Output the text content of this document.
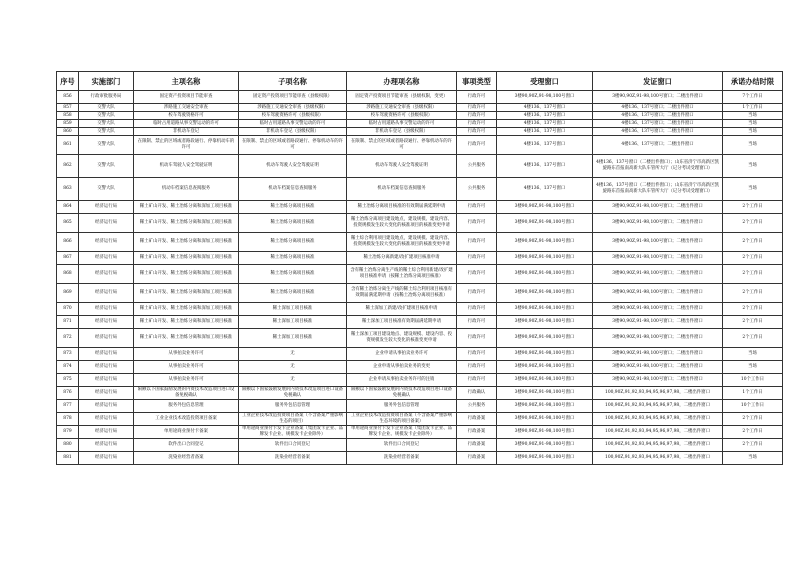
序号	实施部门	主项名称	子项名称	办理项名称	事项类型	受理窗口	发证窗口	承诺办结时限
856	行政审批服务局	固定资产投资项目节能审查	固定资产投资项目节能审查（县级权限）	固定资产投资项目节能审查（县级权限，变更）	行政许可	3楼90,90Z,91-98,100号窗口	3楼90,90Z,91-98,100号窗口；二楼出件窗口	7个工作日
857	交警大队	涉路施工交通安全审查	涉路施工交通安全审查（县级权限）	涉路施工交通安全审查（县级权限）	行政许可	4楼136、137号窗口	4楼136、137号窗口；二楼出件窗口	1个工作日
858	交警大队	校车驾驶资格许可	校车驾驶资格许可（县级权限）	校车驾驶资格许可（县级权限）	行政许可	4楼136、137号窗口	4楼136、137号窗口；二楼出件窗口	当场
859	交警大队	临时占用道路从事交警运动的许可	临时占用道路从事交警运动的许可	临时占用道路从事交警运动的许可	行政许可	4楼136、137号窗口	4楼136、137号窗口；二楼出件窗口	当场
860	交警大队	非机动车登记	非机动车登记（县级权限）	非机动车登记（县级权限）	行政许可	4楼136、137号窗口	4楼136、137号窗口；二楼出件窗口	当场
861	交警大队	在限制、禁止的区域或者路段通行、停靠机动车的许可	在限制、禁止的区域或者路段通行、停靠机动车的许可	在限制、禁止的区域或者路段通行、停靠机动车的许可	行政许可	4楼136、137号窗口	4楼136、137号窗口；二楼出件窗口	当场
862	交警大队	机动车驾驶人安全驾驶证明	机动车驾驶人安全驾驶证明	机动车驾驶人安全驾驶证明	公共服务	4楼136、137号窗口	4楼136、137号窗口（二楼出件窗口）；山东省济宁市高新区凯旋路东首报南高新大队车管所大厅（记分考试受理窗口）	当场
863	交警大队	机动车档案信息查阅服务	机动车档案信息查阅服务	机动车档案信息查阅服务	公共服务	4楼136、137号窗口	4楼136、137号窗口（二楼出件窗口）；山东省济宁市高新区凯旋路东首报南高新大队车管所大厅（记分考试受理窗口）	当场
864	经济运行局	稀土矿山开发、稀土冶炼分离和深加工项目核准	稀土冶炼分离项目核准	稀土冶炼分离项目核准的有效期届满延期申请	行政许可	3楼90,90Z,91-98,100号窗口	3楼90,90Z,91-98,100号窗口；二楼出件窗口	2个工作日
865	经济运行局	稀土矿山开发、稀土冶炼分离和深加工项目核准	稀土冶炼分离项目核准	稀土冶炼分离项目建设地点，建设规模、建设内容、投资规模发生较大变化的核准项目的核准变更申请	行政许可	3楼90,90Z,91-98,100号窗口	3楼90,90Z,91-98,100号窗口；二楼出件窗口	2个工作日
866	经济运行局	稀土矿山开发、稀土冶炼分离和深加工项目核准	稀土冶炼分离项目核准	稀土综合利用项目建设地点，建设规模、建设内容、投资规模发生较大变化的核准项目的核准变更申请	行政许可	3楼90,90Z,91-98,100号窗口	3楼90,90Z,91-98,100号窗口；二楼出件窗口	2个工作日
867	经济运行局	稀土矿山开发、稀土冶炼分离和深加工项目核准	稀土冶炼分离项目核准	稀土冶炼分离新建/改扩建项目核准申请	行政许可	3楼90,90Z,91-98,100号窗口	3楼90,90Z,91-98,100号窗口；二楼出件窗口	2个工作日
868	经济运行局	稀土矿山开发、稀土冶炼分离和深加工项目核准	稀土冶炼分离项目核准	含有稀土冶炼分离生产线的稀土综合利用新建/改扩建项目核准申请（按稀土冶炼分离项目核准）	行政许可	3楼90,90Z,91-98,100号窗口	3楼90,90Z,91-98,100号窗口；二楼出件窗口	2个工作日
869	经济运行局	稀土矿山开发、稀土冶炼分离和深加工项目核准	稀土冶炼分离项目核准	含有稀土冶炼分离生产线的稀土综合利用项目核准有效期届满延期申请（按稀土冶炼分离项目核准）	行政许可	3楼90,90Z,91-98,100号窗口	3楼90,90Z,91-98,100号窗口；二楼出件窗口	2个工作日
870	经济运行局	稀土矿山开发、稀土冶炼分离和深加工项目核准	稀土深加工项目核准	稀土深加工新建/改扩建项目核准申请	行政许可	3楼90,90Z,91-98,100号窗口	3楼90,90Z,91-98,100号窗口；二楼出件窗口	2个工作日
871	经济运行局	稀土矿山开发、稀土冶炼分离和深加工项目核准	稀土深加工项目核准	稀土深加工项目核准有效期届满延期申请	行政许可	3楼90,90Z,91-98,100号窗口	3楼90,90Z,91-98,100号窗口；二楼出件窗口	2个工作日
872	经济运行局	稀土矿山开发、稀土冶炼分离和深加工项目核准	稀土深加工项目核准	稀土深加工项目建设地点、建设规模、建设内容、投资规模发生较大变化的核准变更申请	行政许可	3楼90,90Z,91-98,100号窗口	3楼90,90Z,91-98,100号窗口；二楼出件窗口	2个工作日
873	经济运行局	从事拍卖业务许可	无	企业申请从事拍卖业务许可	行政许可	3楼90,90Z,91-98,100号窗口	3楼90,90Z,91-98,100号窗口；二楼出件窗口	当场
874	经济运行局	从事拍卖业务许可	无	企业申请从事拍卖业务的变更	行政许可	3楼90,90Z,91-98,100号窗口	3楼90,90Z,91-98,100号窗口；二楼出件窗口	当场
875	经济运行局	从事拍卖业务许可	无	企业申请从事拍卖业务许可的注销	行政许可	3楼90,90Z,91-98,100号窗口	3楼90,90Z,91-98,100号窗口；二楼出件窗口	10个工作日
876	经济运行局	限额以下国家鼓励发展的内资技术改造项目进口设备免税确认	限额以下国家鼓励发展的内资技术改造项目进口设备免税确认	限额以下国家鼓励发展的内资技术改造项目进口设备免税确认	行政确认	3楼90,90Z,91-98,100号窗口	100,90Z,91,92,93,94,95,96,97,98，二楼出件窗口	1个工作日
877	经济运行局	服务外包信息管理	服务外包信息管理	服务外包信息管理	公共服务	3楼90,90Z,91-98,100号窗口	100,90Z,91,92,93,94,95,96,97,98，二楼出件窗口	10个工作日
878	经济运行局	工业企业技术改造投资项目备案	工业企业技术改造投资项目备案（不含备案严重影响生态的项目）	工业企业技术改造投资项目备案（不含备案严重影响生态环境的项目备案）	行政备案	3楼90,90Z,91-98,100号窗口	100,90Z,91,92,93,94,95,96,97,98，二楼出件窗口	2个工作日
879	经济运行局	单用途商业预付卡备案	单用途商业预付卡发卡企业备案（集团发卡企业、品牌发卡企业、规模发卡企业除外）	单用途商业预付卡发卡企业备案（集团发卡企业、品牌发卡企业、规模发卡企业除外）	行政备案	3楼90,90Z,91-98,100号窗口	100,90Z,91,92,93,94,95,96,97,98，二楼出件窗口	2个工作日
880	经济运行局	软件出口合同登记	软件出口合同登记	软件出口合同登记	行政备案	3楼90,90Z,91-98,100号窗口	100,90Z,91,92,93,94,95,96,97,98，二楼出件窗口	2个工作日
881	经济运行局	洗染业经营者备案	洗染业经营者备案	洗染业经营者备案	行政备案	3楼90,90Z,91-98,100号窗口	100,90Z,91,92,93,94,95,96,97,98，二楼出件窗口	当场
